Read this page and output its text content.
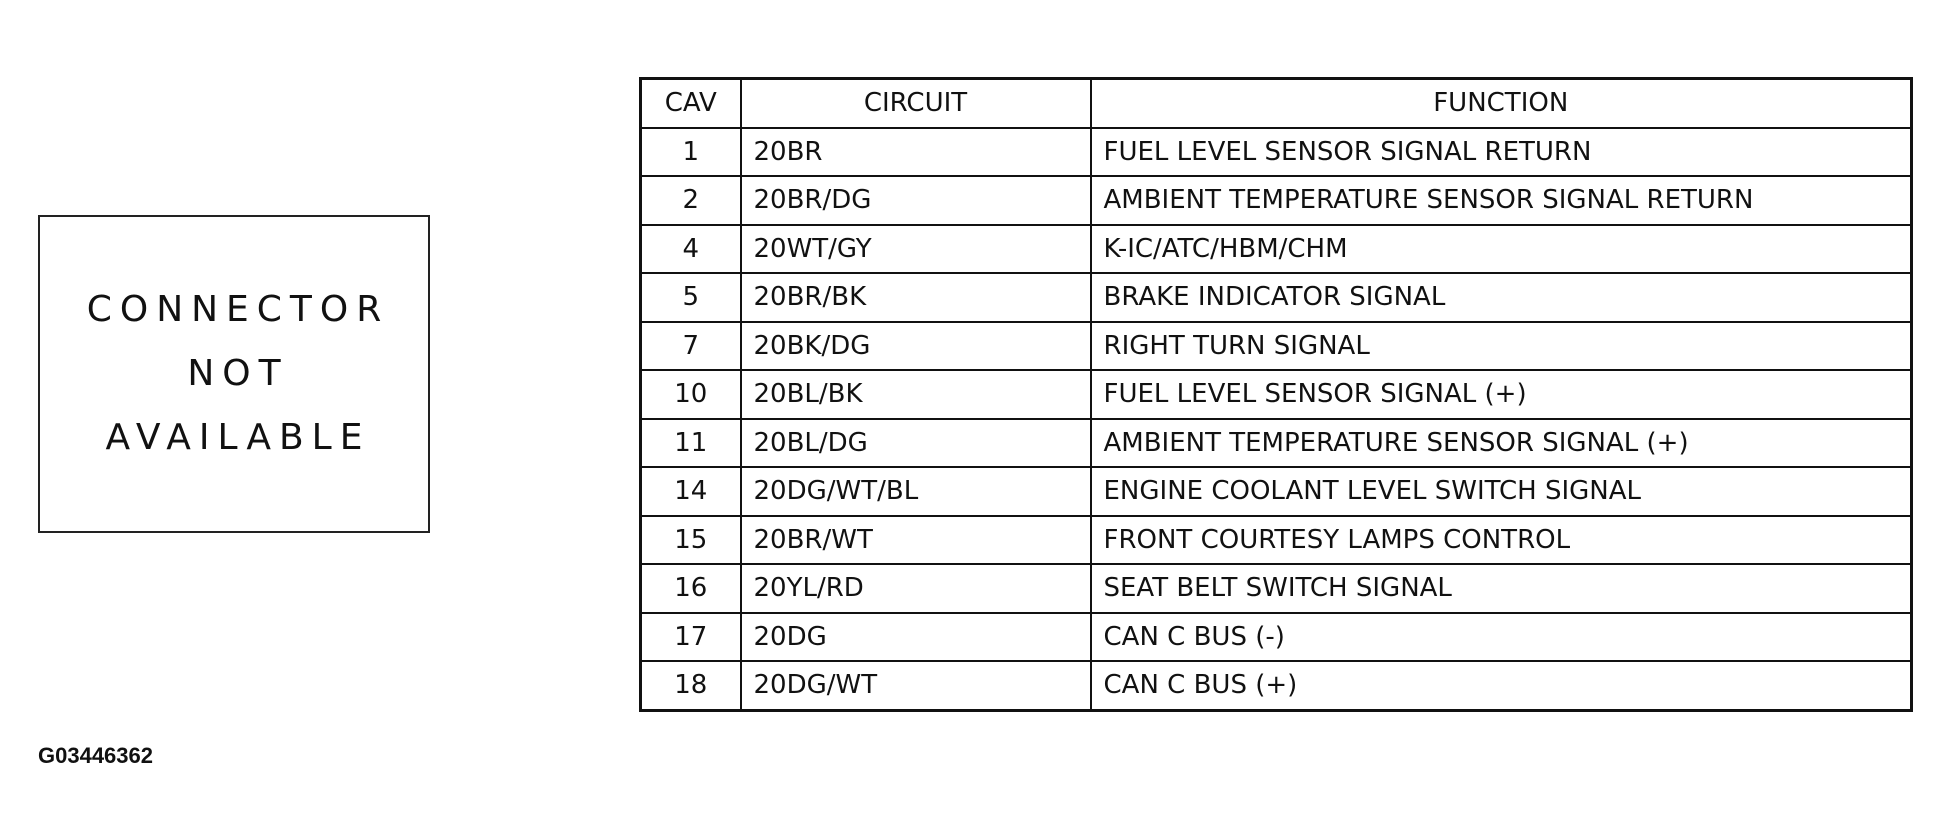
CONNECTOR
NOT
AVAILABLE
CAV	CIRCUIT	FUNCTION
1	20BR	FUEL LEVEL SENSOR SIGNAL RETURN
2	20BR/DG	AMBIENT TEMPERATURE SENSOR SIGNAL RETURN
4	20WT/GY	K-IC/ATC/HBM/CHM
5	20BR/BK	BRAKE INDICATOR SIGNAL
7	20BK/DG	RIGHT TURN SIGNAL
10	20BL/BK	FUEL LEVEL SENSOR SIGNAL (+)
11	20BL/DG	AMBIENT TEMPERATURE SENSOR SIGNAL (+)
14	20DG/WT/BL	ENGINE COOLANT LEVEL SWITCH SIGNAL
15	20BR/WT	FRONT COURTESY LAMPS CONTROL
16	20YL/RD	SEAT BELT SWITCH SIGNAL
17	20DG	CAN C BUS (-)
18	20DG/WT	CAN C BUS (+)
G03446362
